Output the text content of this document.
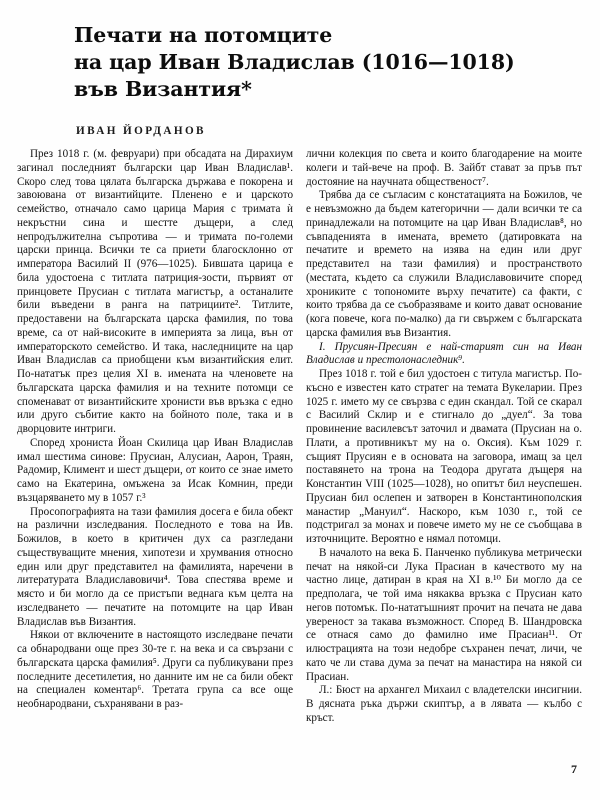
Печати на потомците
на цар Иван Владислав (1016—1018)
във Византия*
ИВАН ЙОРДАНОВ

През 1018 г. (м. февруари) при обсадата на Дирахиум загинал последният български цар Иван Владислав¹. Скоро след това цялата българска държава е покорена и завоювана от византийците. Пленено е и царското семейство, отначало само царица Мария с тримата ѝ некръстни сина и шестте дъщери, а след непродължителна съпротива — и тримата по-големи царски принца. Всички те са приети благосклонно от императора Василий II (976—1025). Бившата царица е била удостоена с титлата патриция-зости, първият от принцовете Прусиан с титлата магистър, а останалите били въведени в ранга на патрициите². Титлите, предоставени на българската царска фамилия, по това време, са от най-високите в империята за лица, вън от императорското семейство. И така, наследниците на цар Иван Владислав са приобщени към византийския елит. По-нататък през целия XI в. имената на членовете на българската царска фамилия и на техните потомци се споменават от византийските хронисти във връзка с едно или друго събитие както на бойното поле, така и в дворцовите интриги.

Според хрониста Йоан Скилица цар Иван Владислав имал шестима синове: Прусиан, Алусиан, Аарон, Траян, Радомир, Климент и шест дъщери, от които се знае името само на Екатерина, омъжена за Исак Комнин, преди възцаряването му в 1057 г.³

Просопографията на тази фамилия досега е била обект на различни изследвания. Последното е това на Ив. Божилов, в което в критичен дух са разгледани съществуващите мнения, хипотези и хрумвания относно един или друг представител на фамилията, наречени в литературата Владиславовичи⁴. Това спестява време и място и би могло да се пристъпи веднага към целта на изследването — печатите на потомците на цар Иван Владислав във Византия.

Някои от включените в настоящото изследване печати са обнародвани още през 30-те г. на века и са свързани с българската царска фамилия⁵. Други са публикувани през последните десетилетия, но данните им не са били обект на специален коментар⁶. Третата група са все още необнародвани, съхранявани в раз-

лични колекция по света и които благодарение на моите колеги и тай-вече на проф. В. Зайбт стават за пръв път достояние на научната общественост⁷.

Трябва да се съгласим с констатацията на Божилов, че е невъзможно да бъдем категорични — дали всички те са принадлежали на потомците на цар Иван Владислав⁸, но съвпаденията в имената, времето (датировката на печатите и времето на изява на един или друг представител на тази фамилия) и пространството (местата, където са служили Владиславовичите според хрониките с топономите върху печатите) са факти, с които трябва да се съобразяваме и които дават основание (кога повече, кога по-малко) да ги свържем с българската царска фамилия във Византия.

I. Прусиян-Пресиян е най-старият син на Иван Владислав и престолонаследник⁹.

През 1018 г. той е бил удостоен с титула магистър. По-късно е известен като стратег на темата Вукеларии. През 1025 г. името му се свързва с един скандал. Той се скарал с Василий Склир и е стигнало до „дуел“. За това провинение василевсът заточил и двамата (Прусиан на о. Плати, а противникът му на о. Оксия). Към 1029 г. същият Прусиян е в основата на заговора, имащ за цел поставянето на трона на Теодора другата дъщеря на Константин VIII (1025—1028), но опитът бил неуспешен. Прусиан бил ослепен и затворен в Константинополския манастир „Мануил“. Наскоро, към 1030 г., той се подстригал за монах и повече името му не се съобщава в източниците. Вероятно е нямал потомци.

В началото на века Б. Панченко публикува метрически печат на някой-си Лука Прасиан в качеството му на частно лице, датиран в края на XI в.¹⁰ Би могло да се предполага, че той има някаква връзка с Прусиан като негов потомък. По-нататъшният прочит на печата не дава увереност за такава възможност. Според В. Шандровска се отнася само до фамилно име Прасиан¹¹. От илюстрацията на този недобре съхранен печат, личи, че като че ли става дума за печат на манастира на някой си Прасиан.

Л.: Бюст на архангел Михаил с владетелски инсигнии. В дясната ръка държи скиптър, а в лявата — кълбо с кръст.

7
